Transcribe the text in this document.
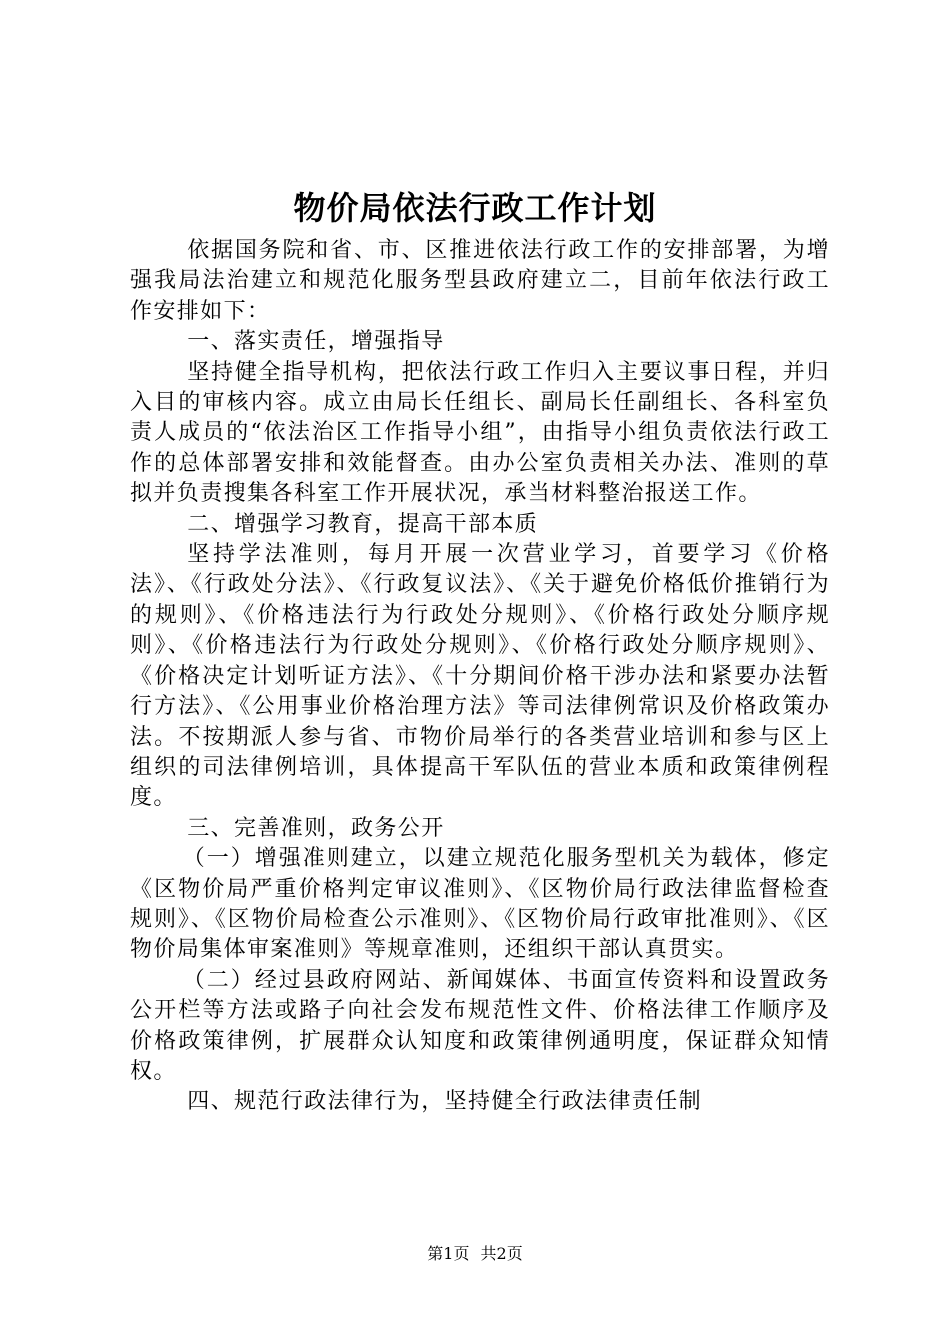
物价局依法行政工作计划

依据国务院和省、市、区推进依法行政工作的安排部署，为增强我局法治建立和规范化服务型县政府建立二，目前年依法行政工作安排如下：

一、落实责任，增强指导

坚持健全指导机构，把依法行政工作归入主要议事日程，并归入目的审核内容。成立由局长任组长、副局长任副组长、各科室负责人成员的“依法治区工作指导小组”，由指导小组负责依法行政工作的总体部署安排和效能督查。由办公室负责相关办法、准则的草拟并负责搜集各科室工作开展状况，承当材料整治报送工作。

二、增强学习教育，提高干部本质

坚持学法准则，每月开展一次营业学习，首要学习《价格法》、《行政处分法》、《行政复议法》、《关于避免价格低价推销行为的规则》、《价格违法行为行政处分规则》、《价格行政处分顺序规则》、《价格违法行为行政处分规则》、《价格行政处分顺序规则》、《价格决定计划听证方法》、《十分期间价格干涉办法和紧要办法暂行方法》、《公用事业价格治理方法》等司法律例常识及价格政策办法。不按期派人参与省、市物价局举行的各类营业培训和参与区上组织的司法律例培训，具体提高干军队伍的营业本质和政策律例程度。

三、完善准则，政务公开

（一）增强准则建立，以建立规范化服务型机关为载体，修定《区物价局严重价格判定审议准则》、《区物价局行政法律监督检查规则》、《区物价局检查公示准则》、《区物价局行政审批准则》、《区物价局集体审案准则》等规章准则，还组织干部认真贯实。

（二）经过县政府网站、新闻媒体、书面宣传资料和设置政务公开栏等方法或路子向社会发布规范性文件、价格法律工作顺序及价格政策律例，扩展群众认知度和政策律例通明度，保证群众知情权。

四、规范行政法律行为，坚持健全行政法律责任制

第1页 共2页
